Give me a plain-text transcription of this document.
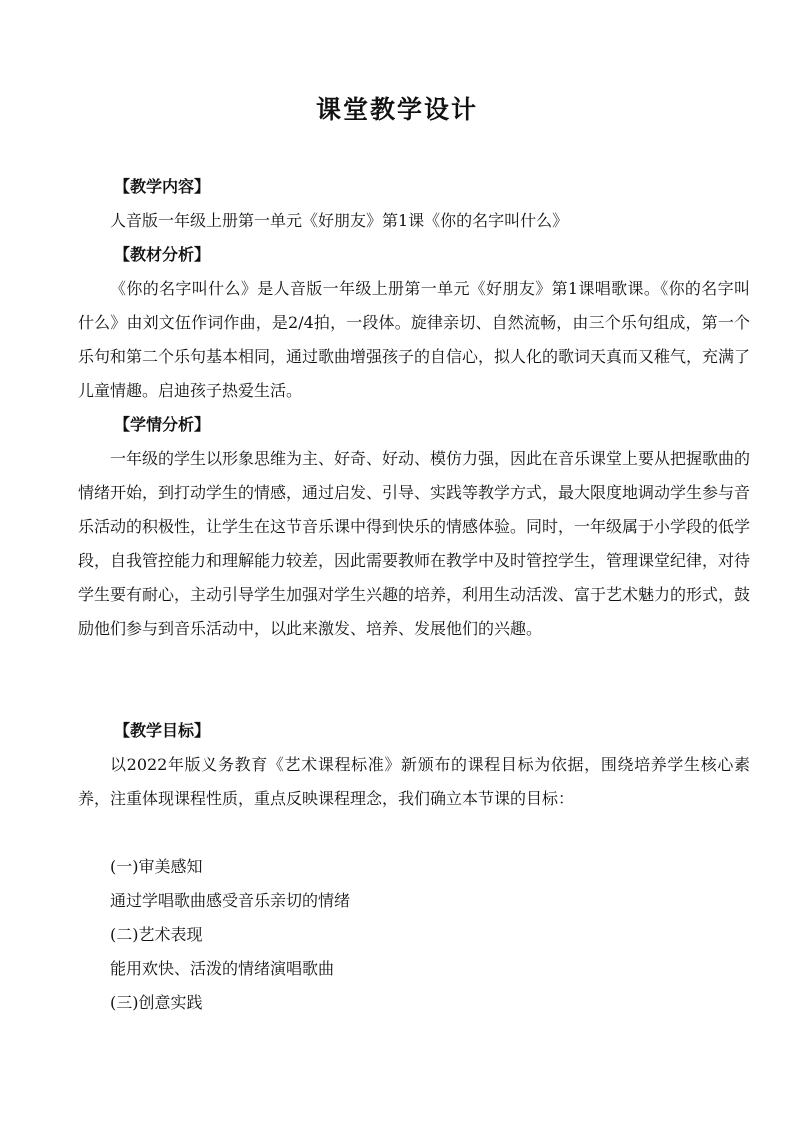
课堂教学设计
【教学内容】
人音版一年级上册第一单元《好朋友》第1课《你的名字叫什么》
【教材分析】
《你的名字叫什么》是人音版一年级上册第一单元《好朋友》第1课唱歌课。《你的名字叫什么》由刘文伍作词作曲，是2/4拍，一段体。旋律亲切、自然流畅，由三个乐句组成，第一个乐句和第二个乐句基本相同，通过歌曲增强孩子的自信心，拟人化的歌词天真而又稚气，充满了儿童情趣。启迪孩子热爱生活。
【学情分析】
一年级的学生以形象思维为主、好奇、好动、模仿力强，因此在音乐课堂上要从把握歌曲的情绪开始，到打动学生的情感，通过启发、引导、实践等教学方式，最大限度地调动学生参与音乐活动的积极性，让学生在这节音乐课中得到快乐的情感体验。同时，一年级属于小学段的低学段，自我管控能力和理解能力较差，因此需要教师在教学中及时管控学生，管理课堂纪律，对待学生要有耐心，主动引导学生加强对学生兴趣的培养，利用生动活泼、富于艺术魅力的形式，鼓励他们参与到音乐活动中，以此来激发、培养、发展他们的兴趣。
【教学目标】
以2022年版义务教育《艺术课程标准》新颁布的课程目标为依据，围绕培养学生核心素养，注重体现课程性质，重点反映课程理念，我们确立本节课的目标：
(一)审美感知
通过学唱歌曲感受音乐亲切的情绪
(二)艺术表现
能用欢快、活泼的情绪演唱歌曲
(三)创意实践
